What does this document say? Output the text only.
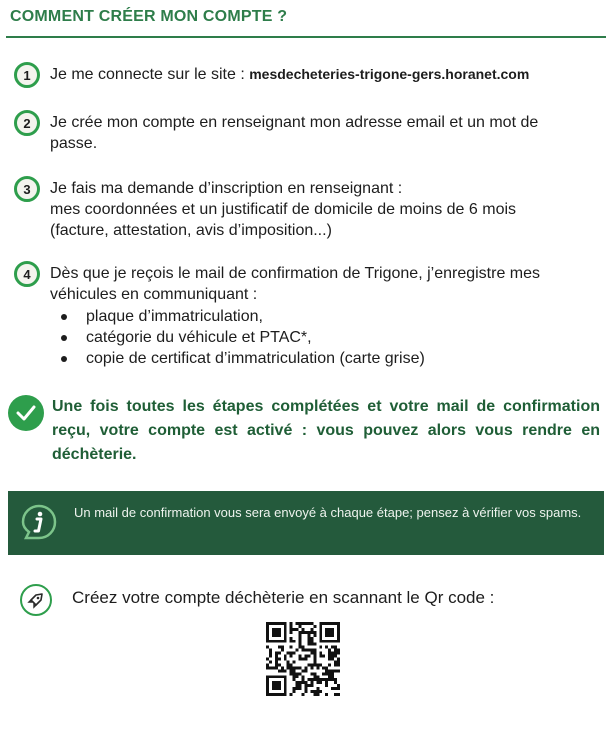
COMMENT CRÉER MON COMPTE ?
1	Je me connecte sur le site : mesdecheteries-trigone-gers.horanet.com
2	Je crée mon compte en renseignant mon adresse email et un mot de passe.
3	Je fais ma demande d’inscription en renseignant :
mes coordonnées et un justificatif de domicile de moins de 6 mois
(facture, attestation, avis d’imposition...)
4	Dès que je reçois le mail de confirmation de Trigone, j’enregistre mes véhicules en communiquant :
plaque d’immatriculation,
catégorie du véhicule et PTAC*,
copie de certificat d’immatriculation (carte grise)
Une fois toutes les étapes complétées et votre mail de confirmation reçu, votre compte est activé : vous pouvez alors vous rendre en déchèterie.
Un mail de confirmation vous sera envoyé à chaque étape; pensez à vérifier vos spams.
Créez votre compte déchèterie en scannant le Qr code :
